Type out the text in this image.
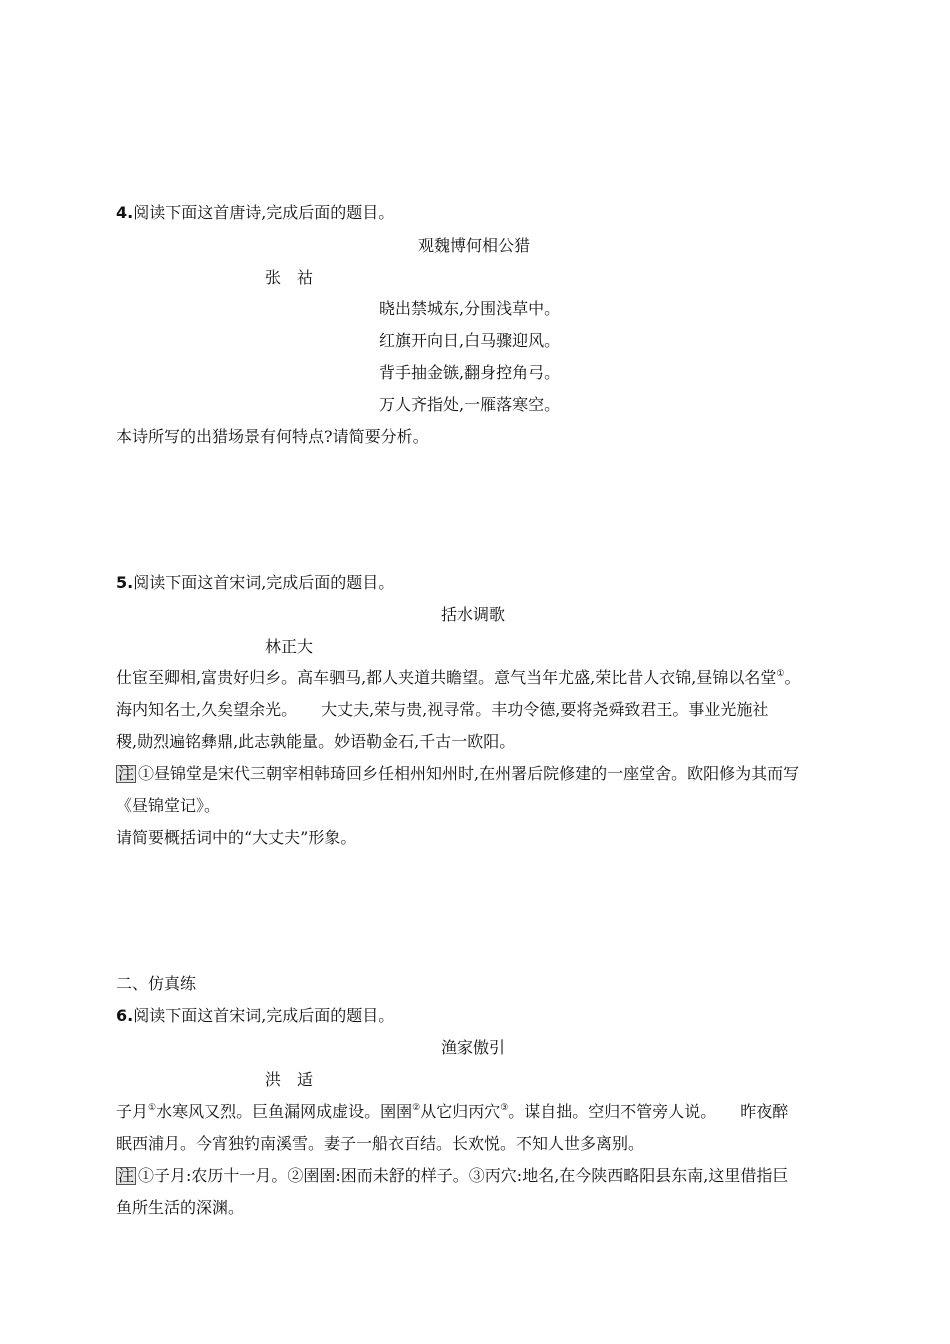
4.阅读下面这首唐诗,完成后面的题目。
观魏博何相公猎
张　祜
晓出禁城东,分围浅草中。
红旗开向日,白马骤迎风。
背手抽金镞,翻身控角弓。
万人齐指处,一雁落寒空。
本诗所写的出猎场景有何特点?请简要分析。
5.阅读下面这首宋词,完成后面的题目。
括水调歌
林正大
仕宦至卿相,富贵好归乡。高车驷马,都人夹道共瞻望。意气当年尤盛,荣比昔人衣锦,昼锦以名堂①。
海内知名士,久矣望余光。　　大丈夫,荣与贵,视寻常。丰功令德,要将尧舜致君王。事业光施社
稷,勋烈遍铭彝鼎,此志孰能量。妙语勒金石,千古一欧阳。
注 ①昼锦堂是宋代三朝宰相韩琦回乡任相州知州时,在州署后院修建的一座堂舍。欧阳修为其而写
《昼锦堂记》。
请简要概括词中的“大丈夫”形象。
二、仿真练
6.阅读下面这首宋词,完成后面的题目。
渔家傲引
洪　适
子月①水寒风又烈。巨鱼漏网成虚设。圉圉②从它归丙穴③。谋自拙。空归不管旁人说。　　昨夜醉
眠西浦月。今宵独钓南溪雪。妻子一船衣百结。长欢悦。不知人世多离别。
注 ①子月:农历十一月。②圉圉:困而未舒的样子。③丙穴:地名,在今陕西略阳县东南,这里借指巨
鱼所生活的深渊。
